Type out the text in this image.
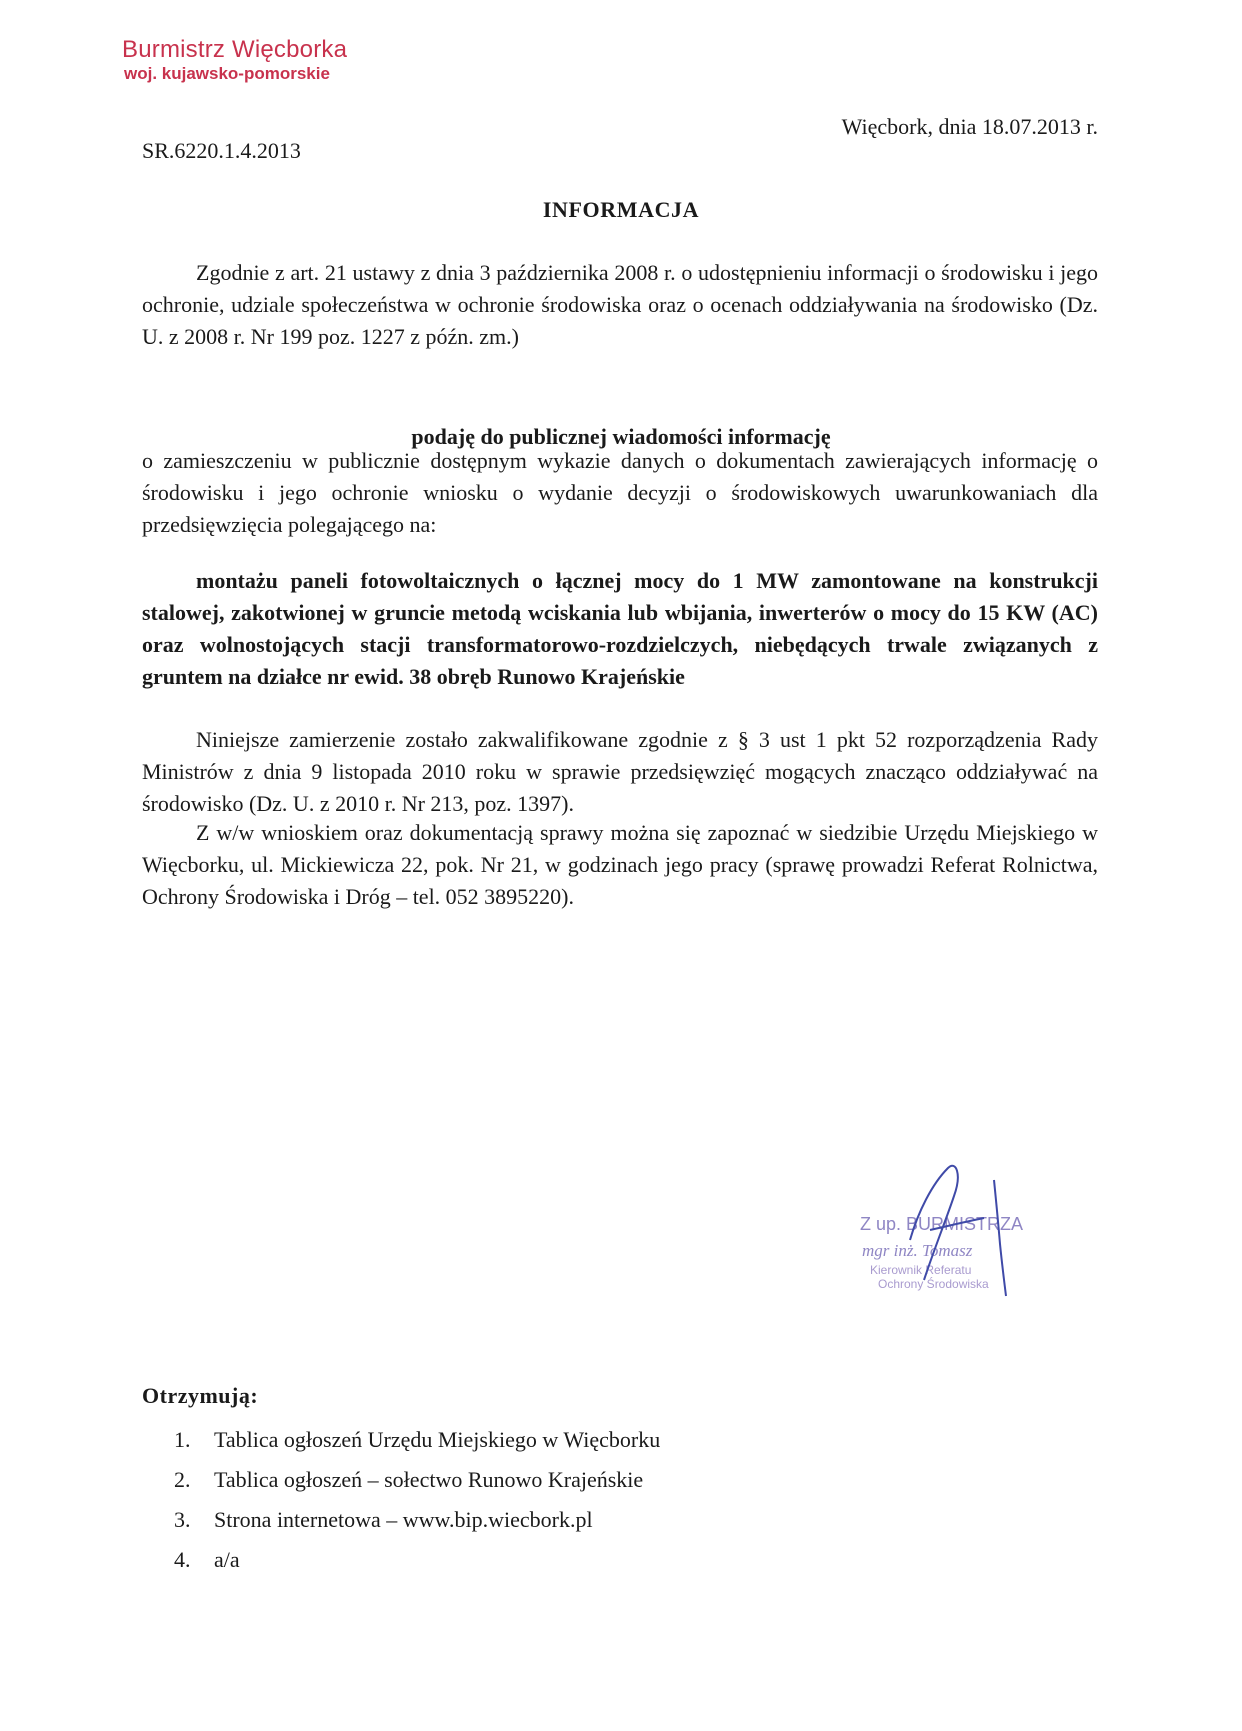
Burmistrz Więcborka
woj. kujawsko-pomorskie
SR.6220.1.4.2013
Więcbork, dnia 18.07.2013 r.
INFORMACJA

Zgodnie z art. 21 ustawy z dnia 3 października 2008 r. o udostępnieniu informacji o środowisku i jego ochronie, udziale społeczeństwa w ochronie środowiska oraz o ocenach oddziaływania na środowisko (Dz. U. z 2008 r. Nr 199 poz. 1227 z późn. zm.)

podaję do publicznej wiadomości informację

o zamieszczeniu w publicznie dostępnym wykazie danych o dokumentach zawierających informację o środowisku i jego ochronie wniosku o wydanie decyzji o środowiskowych uwarunkowaniach dla przedsięwzięcia polegającego na:

montażu paneli fotowoltaicznych o łącznej mocy do 1 MW zamontowane na konstrukcji stalowej, zakotwionej w gruncie metodą wciskania lub wbijania, inwerterów o mocy do 15 KW (AC) oraz wolnostojących stacji transformatorowo-rozdzielczych, niebędących trwale związanych z gruntem na działce nr ewid. 38 obręb Runowo Krajeńskie

Niniejsze zamierzenie zostało zakwalifikowane zgodnie z § 3 ust 1 pkt 52 rozporządzenia Rady Ministrów z dnia 9 listopada 2010 roku w sprawie przedsięwzięć mogących znacząco oddziaływać na środowisko (Dz. U. z 2010 r. Nr 213, poz. 1397).

Z w/w wnioskiem oraz dokumentacją sprawy można się zapoznać w siedzibie Urzędu Miejskiego w Więcborku, ul. Mickiewicza 22, pok. Nr 21, w godzinach jego pracy (sprawę prowadzi Referat Rolnictwa, Ochrony Środowiska i Dróg – tel. 052 3895220).

Z up. BURMISTRZA
mgr inż. Tomasz
Kierownik Referatu
Ochrony Środowiska
Otrzymują:
1.	Tablica ogłoszeń Urzędu Miejskiego w Więcborku
2.	Tablica ogłoszeń – sołectwo Runowo Krajeńskie
3.	Strona internetowa – www.bip.wiecbork.pl
4.	a/a
